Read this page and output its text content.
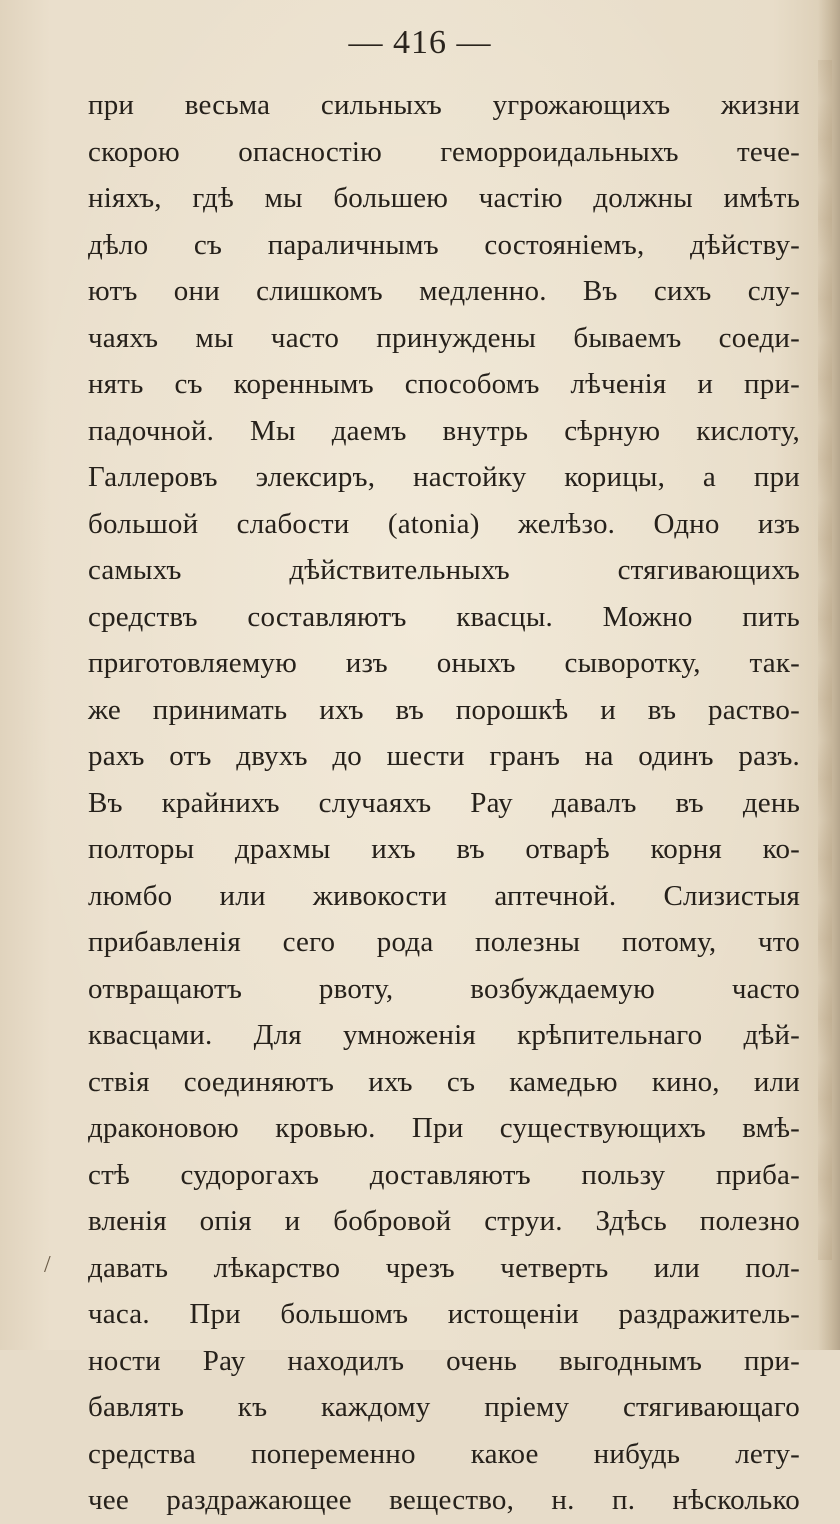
— 416 —
при весьма сильныхъ угрожающихъ жизни
скорою опасностiю геморроидальныхъ тече-
нiяхъ, гдѣ мы большею частiю должны имѣть
дѣло съ параличнымъ состоянiемъ, дѣйству-
ютъ они слишкомъ медленно. Въ сихъ слу-
чаяхъ мы часто принуждены бываемъ соеди-
нять съ кореннымъ способомъ лѣченiя и при-
падочной. Мы даемъ внутрь сѣрную кислоту,
Галлеровъ элексиръ, настойку корицы, а при
большой слабости (atonia) желѣзо. Одно изъ
самыхъ дѣйствительныхъ стягивающихъ
средствъ составляютъ квасцы. Можно пить
приготовляемую изъ оныхъ сыворотку, так-
же принимать ихъ въ порошкѣ и въ раство-
рахъ отъ двухъ до шести гранъ на одинъ разъ.
Въ крайнихъ случаяхъ Рау давалъ въ день
полторы драхмы ихъ въ отварѣ корня ко-
люмбо или живокости аптечной. Слизистыя
прибавленiя сего рода полезны потому, что
отвращаютъ рвоту, возбуждаемую часто
квасцами. Для умноженiя крѣпительнаго дѣй-
ствiя соединяютъ ихъ съ камедью кино, или
драконовою кровью. При существующихъ вмѣ-
стѣ судорогахъ доставляютъ пользу приба-
вленiя опiя и бобровой струи. Здѣсь полезно
давать лѣкарство чрезъ четверть или пол-
часа. При большомъ истощенiи раздражитель-
ности Рау находилъ очень выгоднымъ при-
бавлять къ каждому прiему стягивающаго
средства попеременно какое нибудь лету-
чее раздражающее вещество, н. п. нѣсколько
/
